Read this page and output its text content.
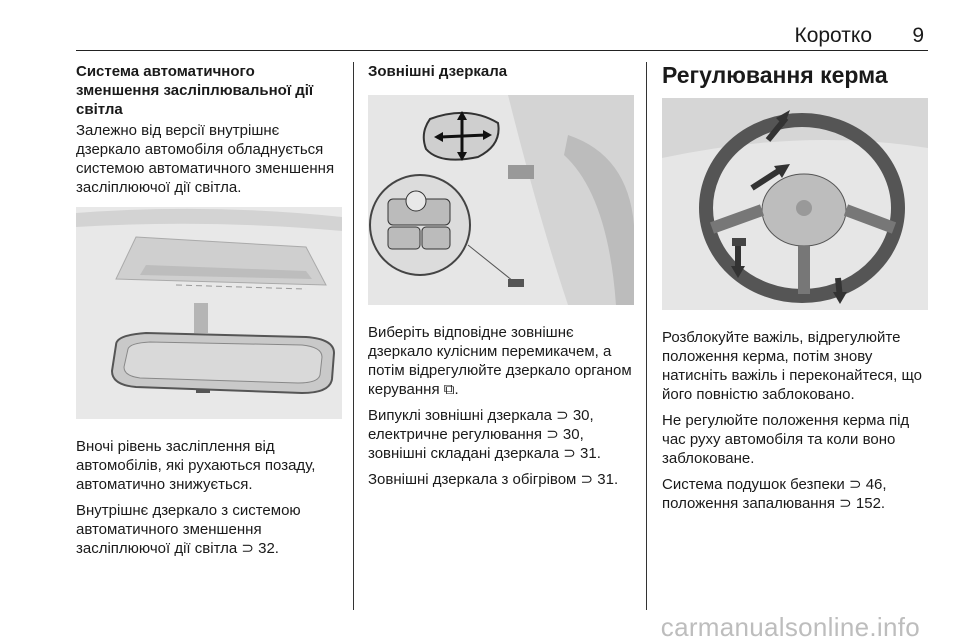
Коротко 9
Система автоматичного зменшення засліплювальної дії світла

Залежно від версії внутрішнє дзеркало автомобіля обладнується системою автоматичного зменшення засліплюючої дії світла.

Вночі рівень засліплення від автомобілів, які рухаються позаду, автоматично знижується.

Внутрішнє дзеркало з системою автоматичного зменшення засліплюючої дії світла ⊃ 32.

Зовнішні дзеркала

Виберіть відповідне зовнішнє дзеркало кулісним перемикачем, а потім відрегулюйте дзеркало органом керування ⧉.

Випуклі зовнішні дзеркала ⊃ 30, електричне регулювання ⊃ 30, зовнішні складані дзеркала ⊃ 31.

Зовнішні дзеркала з обігрівом ⊃ 31.

Регулювання керма

Розблокуйте важіль, відрегулюйте положення керма, потім знову натисніть важіль і переконайтеся, що його повністю заблоковано.

Не регулюйте положення керма під час руху автомобіля та коли воно заблоковане.

Система подушок безпеки ⊃ 46, положення запалювання ⊃ 152.

carmanualsonline.info
